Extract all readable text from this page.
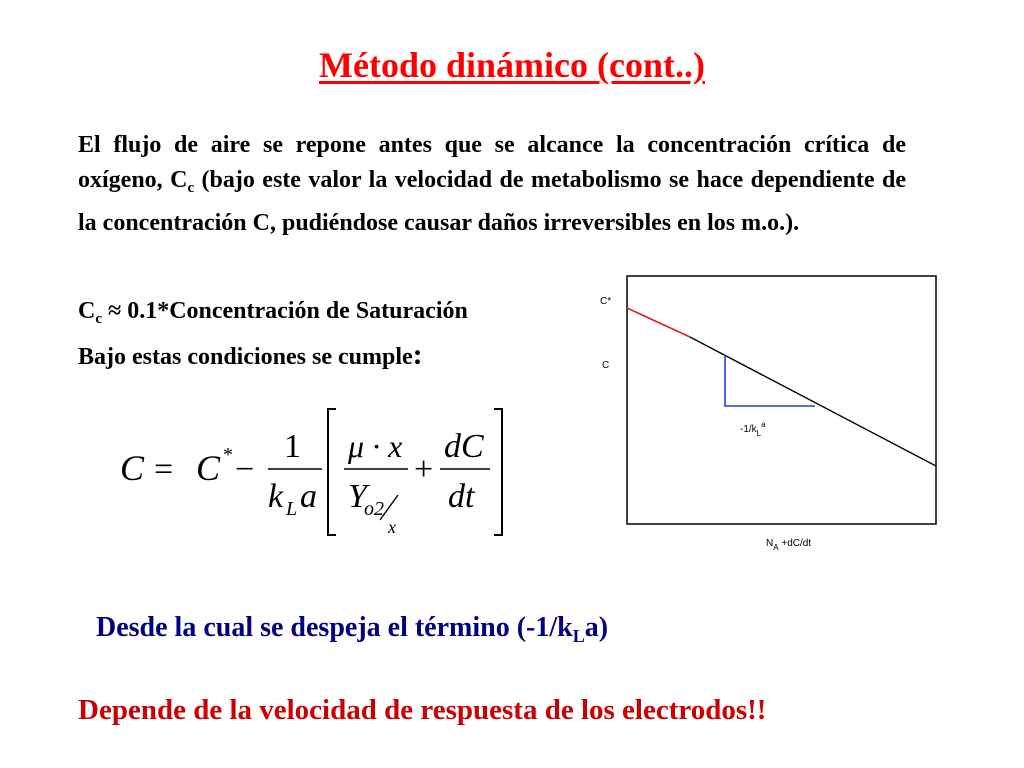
Método dinámico (cont..)
El flujo de aire se repone antes que se alcance la concentración crítica de oxígeno, $C_c$ (bajo este valor la velocidad de metabolismo se hace dependiente de la concentración C, pudiéndose causar daños irreversibles en los m.o.).
$C_c$ ≈ 0.1*Concentración de Saturación
Bajo estas condiciones se cumple:
C = C * −
1
k L a
μ · x
Y
o2
x
+
dC
dt
C*
C
$-1/k_L^a$
$N_A +dC/dt$
Desde la cual se despeja el término $(-1/k_La)$
Depende de la velocidad de respuesta de los electrodos!!
